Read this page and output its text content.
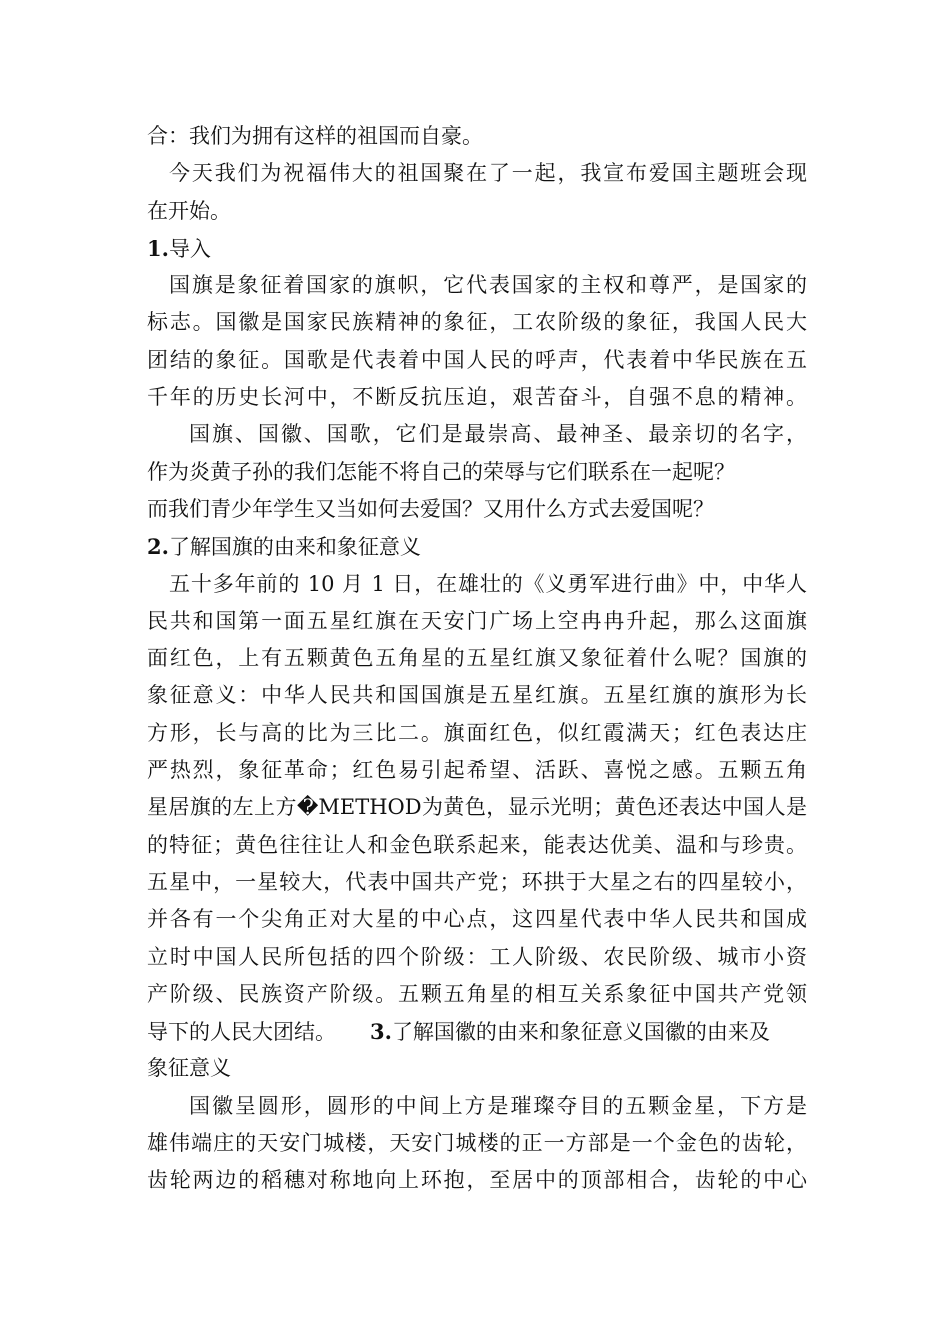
合：我们为拥有这样的祖国而自豪。
今天我们为祝福伟大的祖国聚在了一起，我宣布爱国主题班会现
在开始。
1.导入
国旗是象征着国家的旗帜，它代表国家的主权和尊严，是国家的
标志。国徽是国家民族精神的象征，工农阶级的象征，我国人民大
团结的象征。国歌是代表着中国人民的呼声，代表着中华民族在五
千年的历史长河中，不断反抗压迫，艰苦奋斗，自强不息的精神。
国旗、国徽、国歌，它们是最崇高、最神圣、最亲切的名字，
作为炎黄子孙的我们怎能不将自己的荣辱与它们联系在一起呢？
而我们青少年学生又当如何去爱国？又用什么方式去爱国呢？
2.了解国旗的由来和象征意义
五十多年前的 10 月 1 日，在雄壮的《义勇军进行曲》中，中华人
民共和国第一面五星红旗在天安门广场上空冉冉升起，那么这面旗
面红色，上有五颗黄色五角星的五星红旗又象征着什么呢？国旗的
象征意义：中华人民共和国国旗是五星红旗。五星红旗的旗形为长
方形，长与高的比为三比二。旗面红色，似红霞满天；红色表达庄
严热烈，象征革命；红色易引起希望、活跃、喜悦之感。五颗五角
星居旗的左上方�METHOD为黄色，显示光明；黄色还表达中国人是
的特征；黄色往往让人和金色联系起来，能表达优美、温和与珍贵。
五星中，一星较大，代表中国共产党；环拱于大星之右的四星较小，
并各有一个尖角正对大星的中心点，这四星代表中华人民共和国成
立时中国人民所包括的四个阶级：工人阶级、农民阶级、城市小资
产阶级、民族资产阶级。五颗五角星的相互关系象征中国共产党领
导下的人民大团结。 3.了解国徽的由来和象征意义国徽的由来及
象征意义
国徽呈圆形，圆形的中间上方是璀璨夺目的五颗金星，下方是
雄伟端庄的天安门城楼，天安门城楼的正一方部是一个金色的齿轮，
齿轮两边的稻穗对称地向上环抱，至居中的顶部相合，齿轮的中心
